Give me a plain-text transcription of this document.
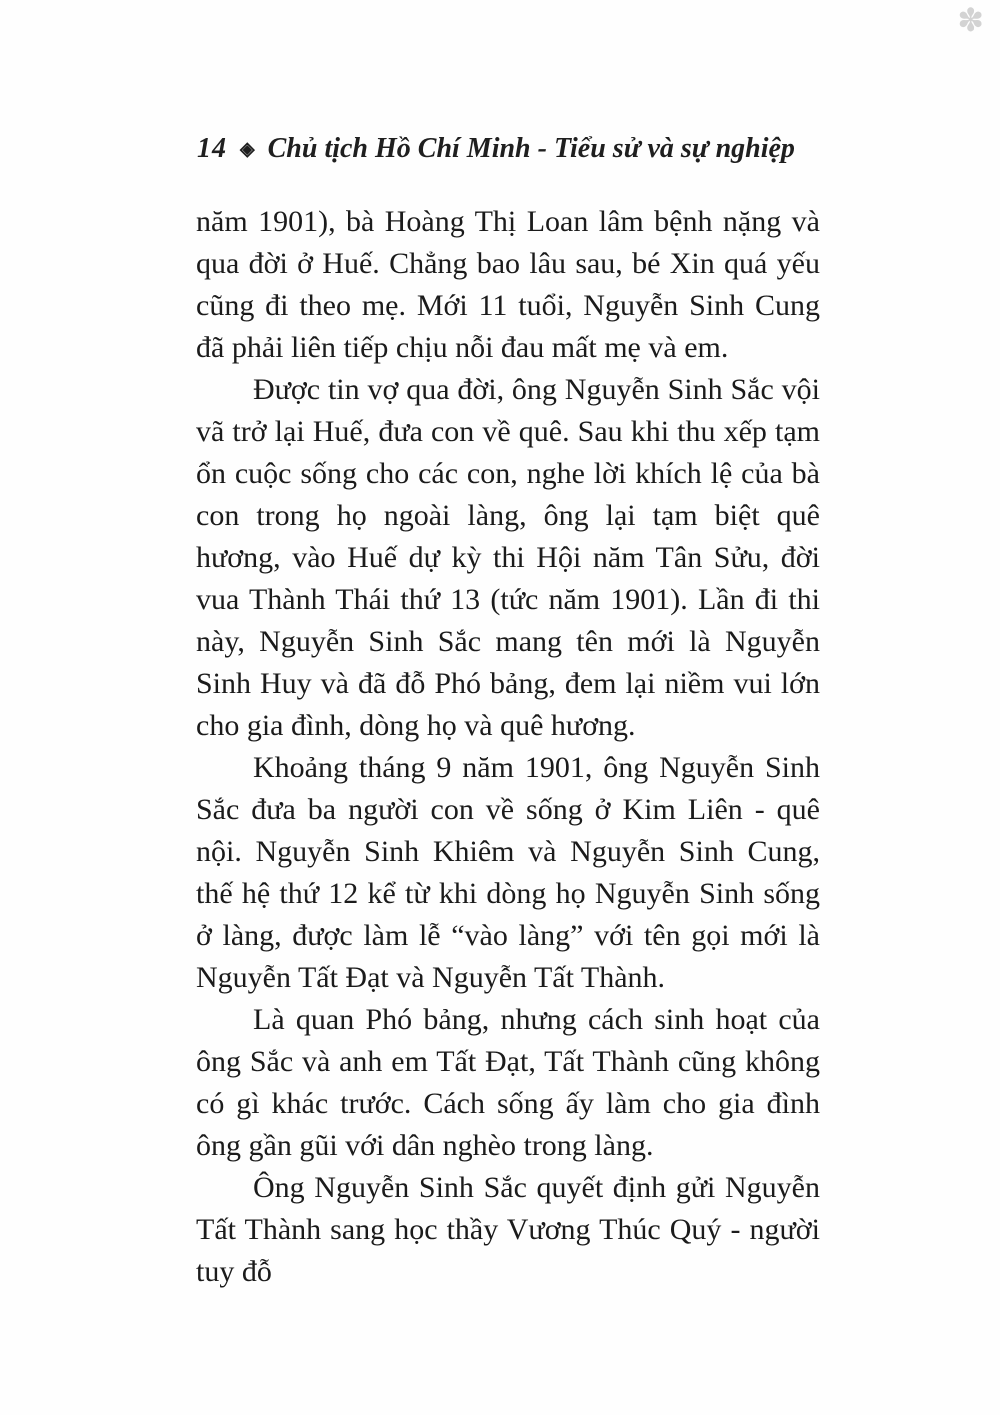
✽
14 ◈ Chủ tịch Hồ Chí Minh - Tiểu sử và sự nghiệp

năm 1901), bà Hoàng Thị Loan lâm bệnh nặng và qua đời ở Huế. Chẳng bao lâu sau, bé Xin quá yếu cũng đi theo mẹ. Mới 11 tuổi, Nguyễn Sinh Cung đã phải liên tiếp chịu nỗi đau mất mẹ và em.

Được tin vợ qua đời, ông Nguyễn Sinh Sắc vội vã trở lại Huế, đưa con về quê. Sau khi thu xếp tạm ổn cuộc sống cho các con, nghe lời khích lệ của bà con trong họ ngoài làng, ông lại tạm biệt quê hương, vào Huế dự kỳ thi Hội năm Tân Sửu, đời vua Thành Thái thứ 13 (tức năm 1901). Lần đi thi này, Nguyễn Sinh Sắc mang tên mới là Nguyễn Sinh Huy và đã đỗ Phó bảng, đem lại niềm vui lớn cho gia đình, dòng họ và quê hương.

Khoảng tháng 9 năm 1901, ông Nguyễn Sinh Sắc đưa ba người con về sống ở Kim Liên - quê nội. Nguyễn Sinh Khiêm và Nguyễn Sinh Cung, thế hệ thứ 12 kể từ khi dòng họ Nguyễn Sinh sống ở làng, được làm lễ “vào làng” với tên gọi mới là Nguyễn Tất Đạt và Nguyễn Tất Thành.

Là quan Phó bảng, nhưng cách sinh hoạt của ông Sắc và anh em Tất Đạt, Tất Thành cũng không có gì khác trước. Cách sống ấy làm cho gia đình ông gần gũi với dân nghèo trong làng.

Ông Nguyễn Sinh Sắc quyết định gửi Nguyễn Tất Thành sang học thầy Vương Thúc Quý - người tuy đỗ
